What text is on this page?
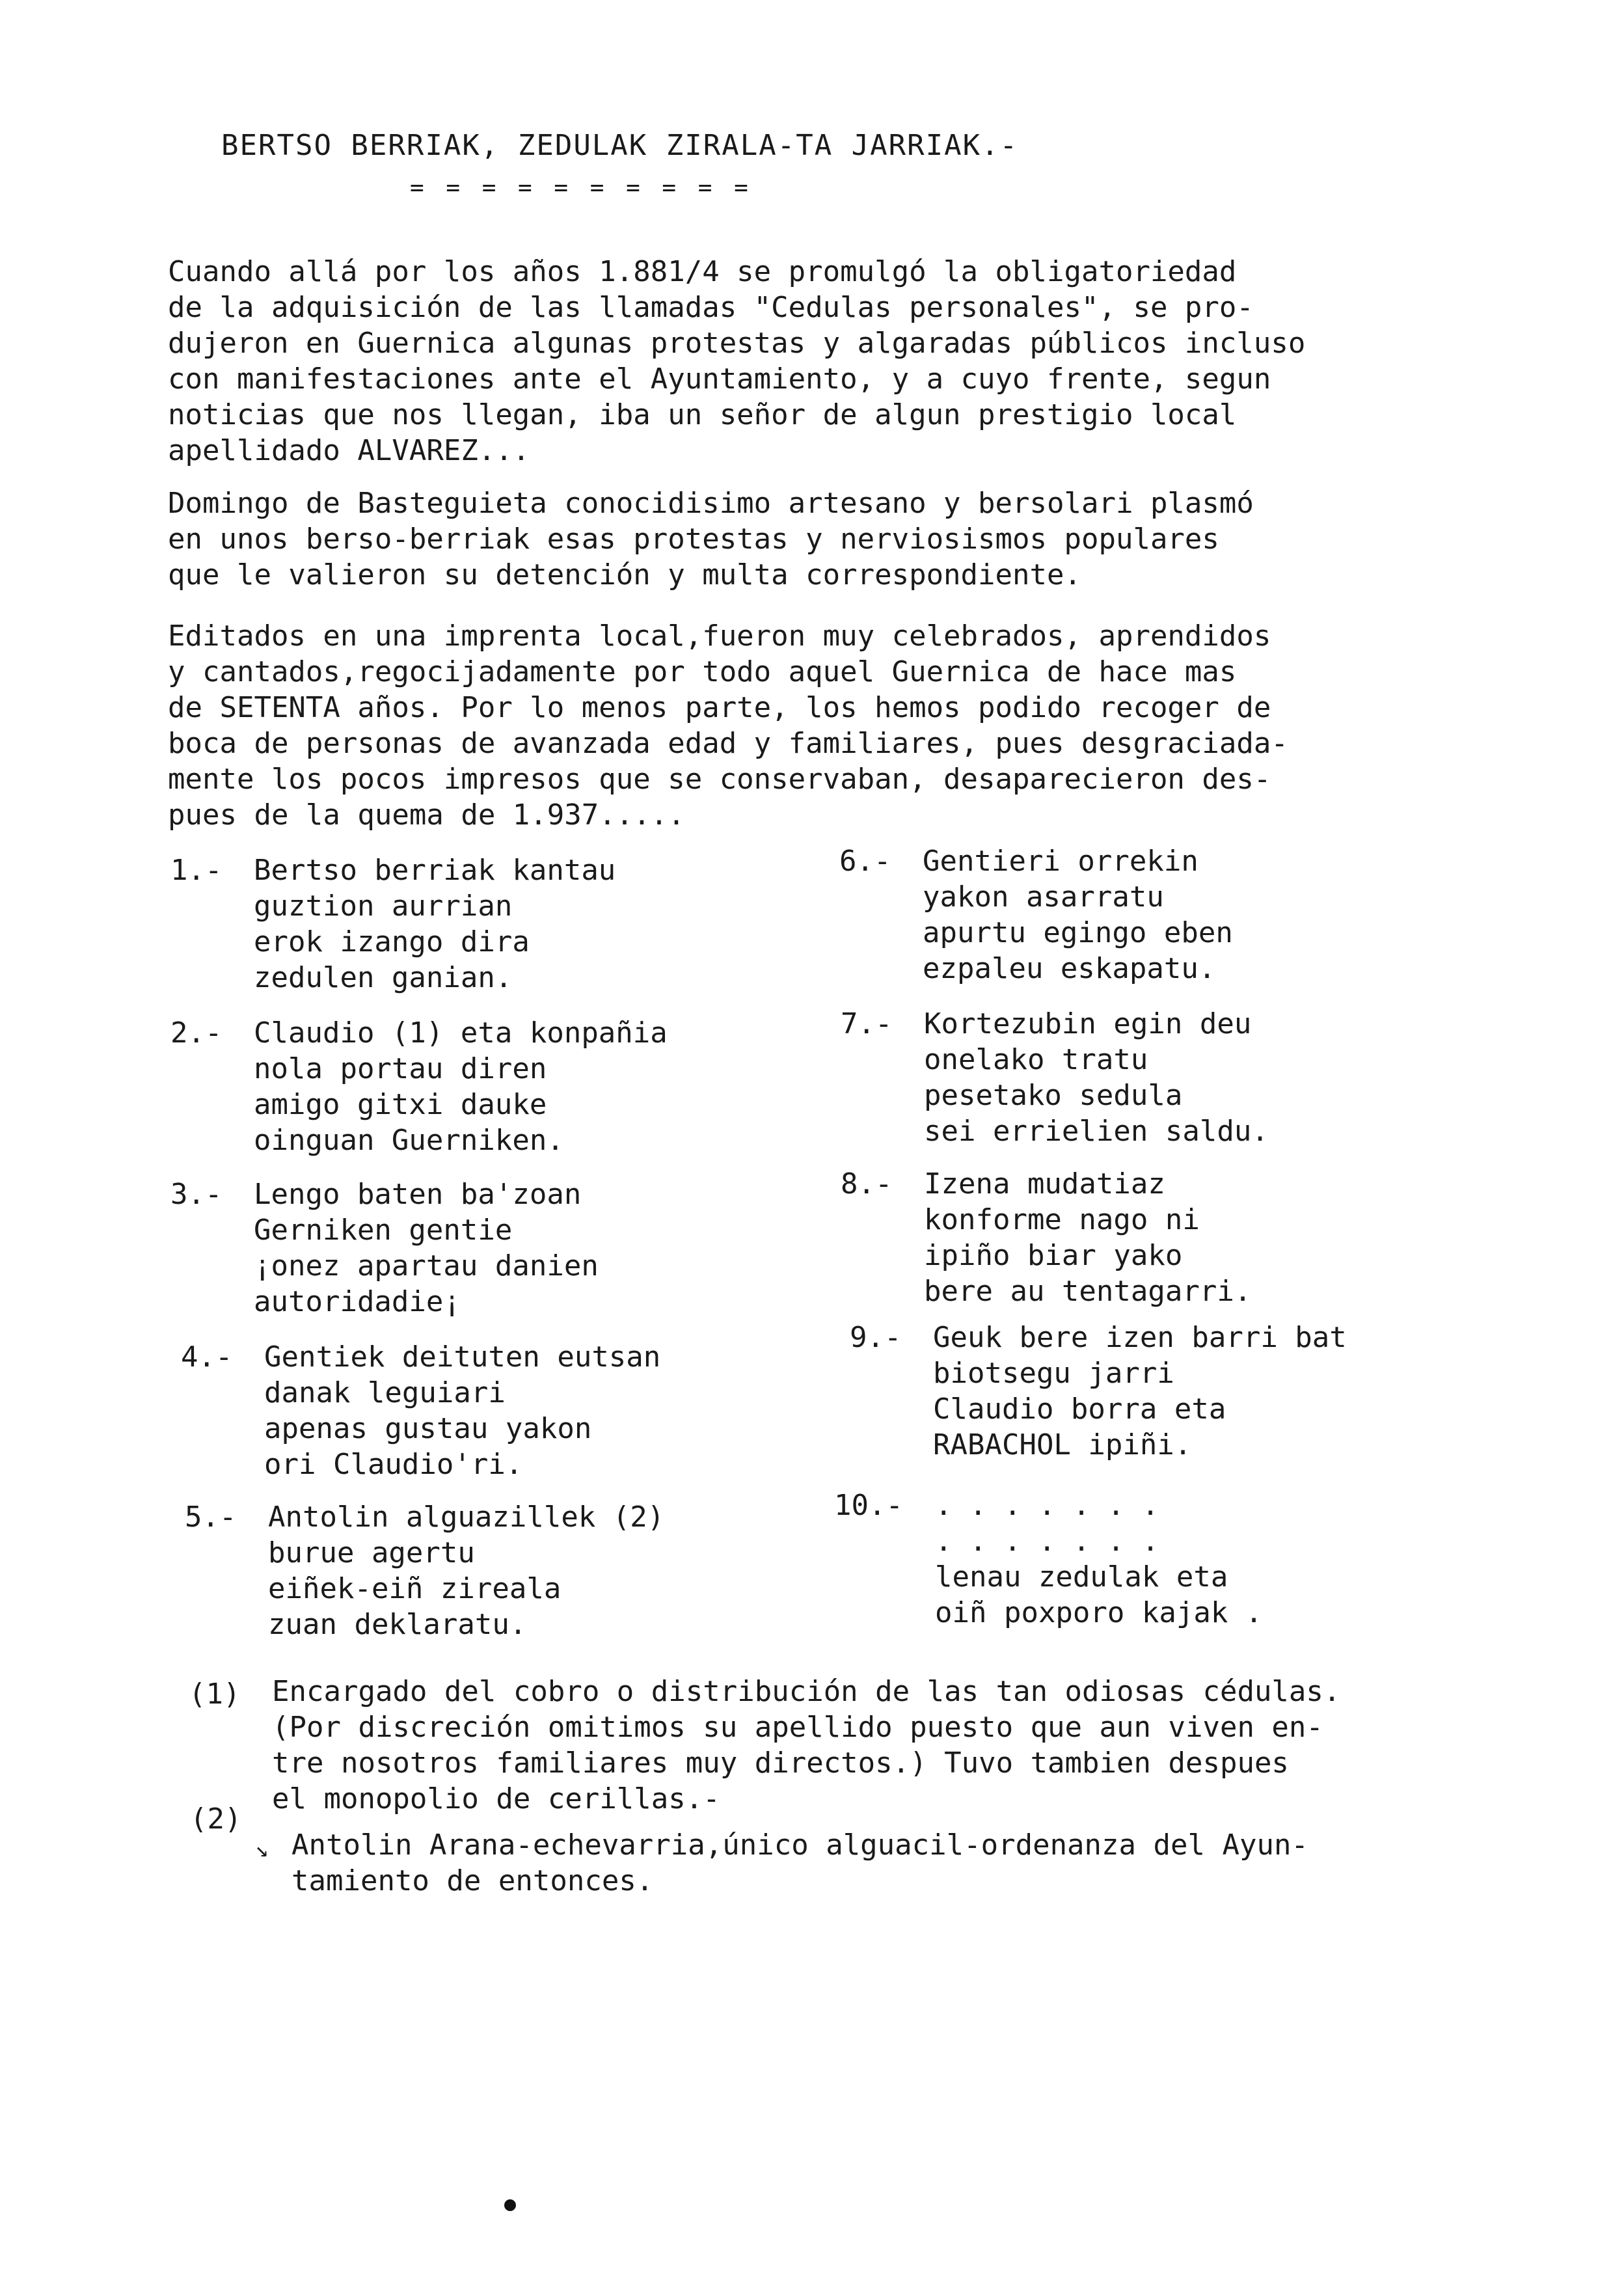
BERTSO BERRIAK, ZEDULAK ZIRALA-TA JARRIAK.-
= = = = = = = = = =
Cuando allá por los años 1.881/4 se promulgó la obligatoriedad
de la adquisición de las llamadas "Cedulas personales", se pro-
dujeron en Guernica algunas protestas y algaradas públicos incluso
con manifestaciones ante el Ayuntamiento, y a cuyo frente, segun
noticias que nos llegan, iba un señor de algun prestigio local
apellidado ALVAREZ...
Domingo de Basteguieta conocidisimo artesano y bersolari plasmó
en unos berso-berriak esas protestas y nerviosismos populares
que le valieron su detención y multa correspondiente.
Editados en una imprenta local,fueron muy celebrados, aprendidos
y cantados,regocijadamente por todo aquel Guernica de hace mas
de SETENTA años. Por lo menos parte, los hemos podido recoger de
boca de personas de avanzada edad y familiares, pues desgraciada-
mente los pocos impresos que se conservaban, desaparecieron des-
pues de la quema de 1.937.....
1.- Bertso berriak kantau
guztion aurrian
erok izango dira
zedulen ganian.
2.- Claudio (1) eta konpañia
nola portau diren
amigo gitxi dauke
oinguan Guerniken.
3.- Lengo baten ba'zoan
Gerniken gentie
¡onez apartau danien
autoridadie¡
4.- Gentiek deituten eutsan
danak leguiari
apenas gustau yakon
ori Claudio'ri.
5.- Antolin alguazillek (2)
burue agertu
eiñek-eiñ zireala
zuan deklaratu.
6.- Gentieri orrekin
yakon asarratu
apurtu egingo eben
ezpaleu eskapatu.
7.- Kortezubin egin deu
onelako tratu
pesetako sedula
sei errielien saldu.
8.- Izena mudatiaz
konforme nago ni
ipiño biar yako
bere au tentagarri.
9.- Geuk bere izen barri bat
biotsegu jarri
Claudio borra eta
RABACHOL ipiñi.
10.- . . . . . . .
. . . . . . .
lenau zedulak eta
oiñ poxporo kajak .
(1) Encargado del cobro o distribución de las tan odiosas cédulas.
(Por discreción omitimos su apellido puesto que aun viven en-
tre nosotros familiares muy directos.) Tuvo tambien despues
el monopolio de cerillas.-
(2)
↘ Antolin Arana-echevarria,único alguacil-ordenanza del Ayun-
tamiento de entonces.
